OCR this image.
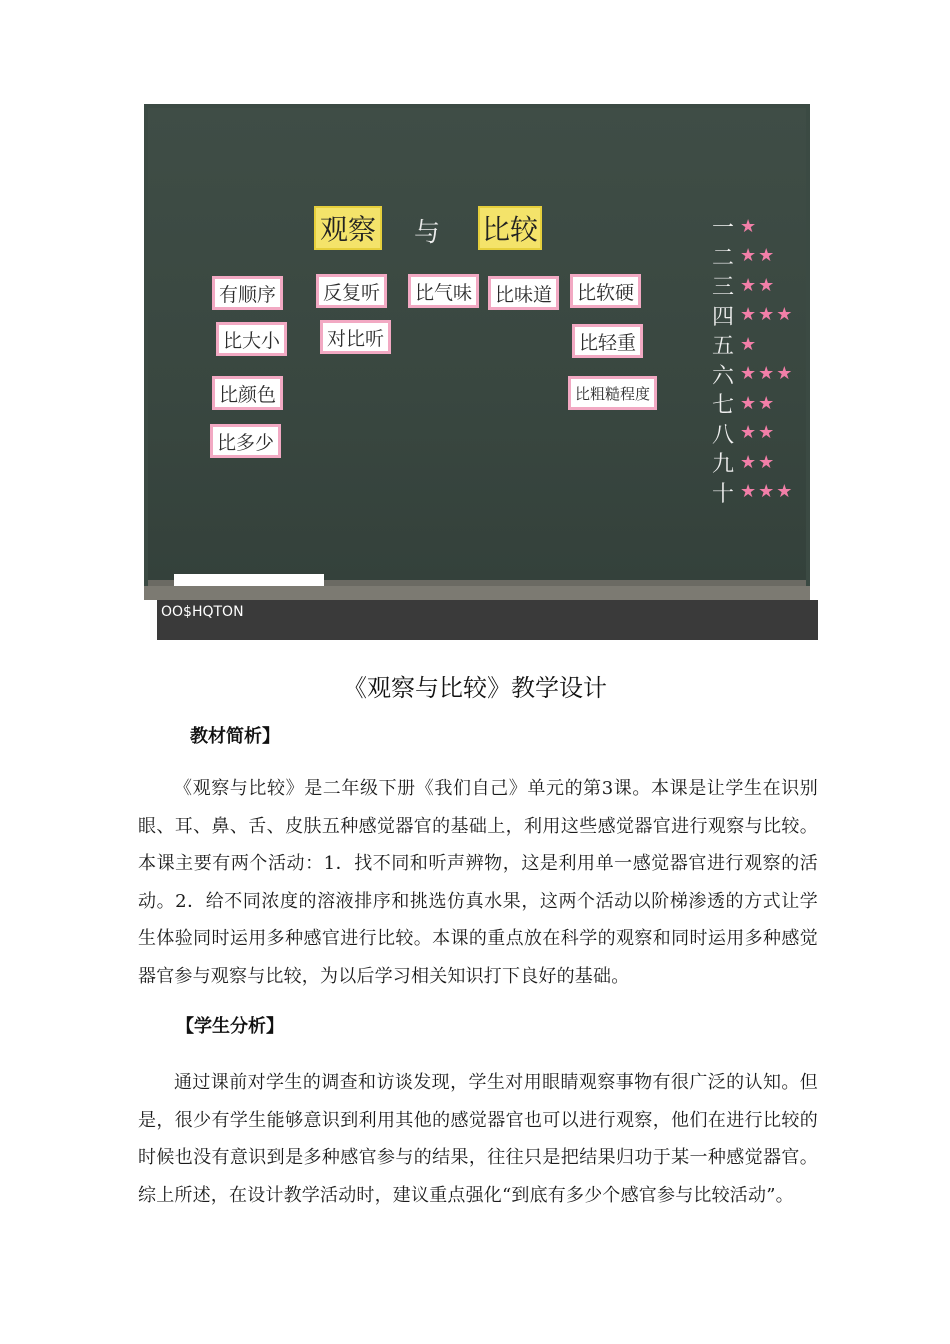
观察 与 比较
有顺序
比大小
比颜色
比多少
反复听
对比听
比气味	比味道	比软硬
比轻重
比粗糙程度
一 ★
二 ★ ★
三 ★ ★
四 ★ ★ ★
五 ★
六 ★ ★ ★
七 ★ ★
八 ★ ★
九 ★ ★
十 ★ ★ ★
OO$HQTON
《观察与比较》教学设计
教材简析】
《观察与比较》是二年级下册《我们自己》单元的第3课。本课是让学生在识别眼、耳、鼻、舌、皮肤五种感觉器官的基础上，利用这些感觉器官进行观察与比较。本课主要有两个活动：1．找不同和听声辨物，这是利用单一感觉器官进行观察的活动。2．给不同浓度的溶液排序和挑选仿真水果，这两个活动以阶梯渗透的方式让学生体验同时运用多种感官进行比较。本课的重点放在科学的观察和同时运用多种感觉器官参与观察与比较，为以后学习相关知识打下良好的基础。
【学生分析】
通过课前对学生的调查和访谈发现，学生对用眼睛观察事物有很广泛的认知。但是，很少有学生能够意识到利用其他的感觉器官也可以进行观察，他们在进行比较的时候也没有意识到是多种感官参与的结果，往往只是把结果归功于某一种感觉器官。综上所述，在设计教学活动时，建议重点强化“到底有多少个感官参与比较活动”。
